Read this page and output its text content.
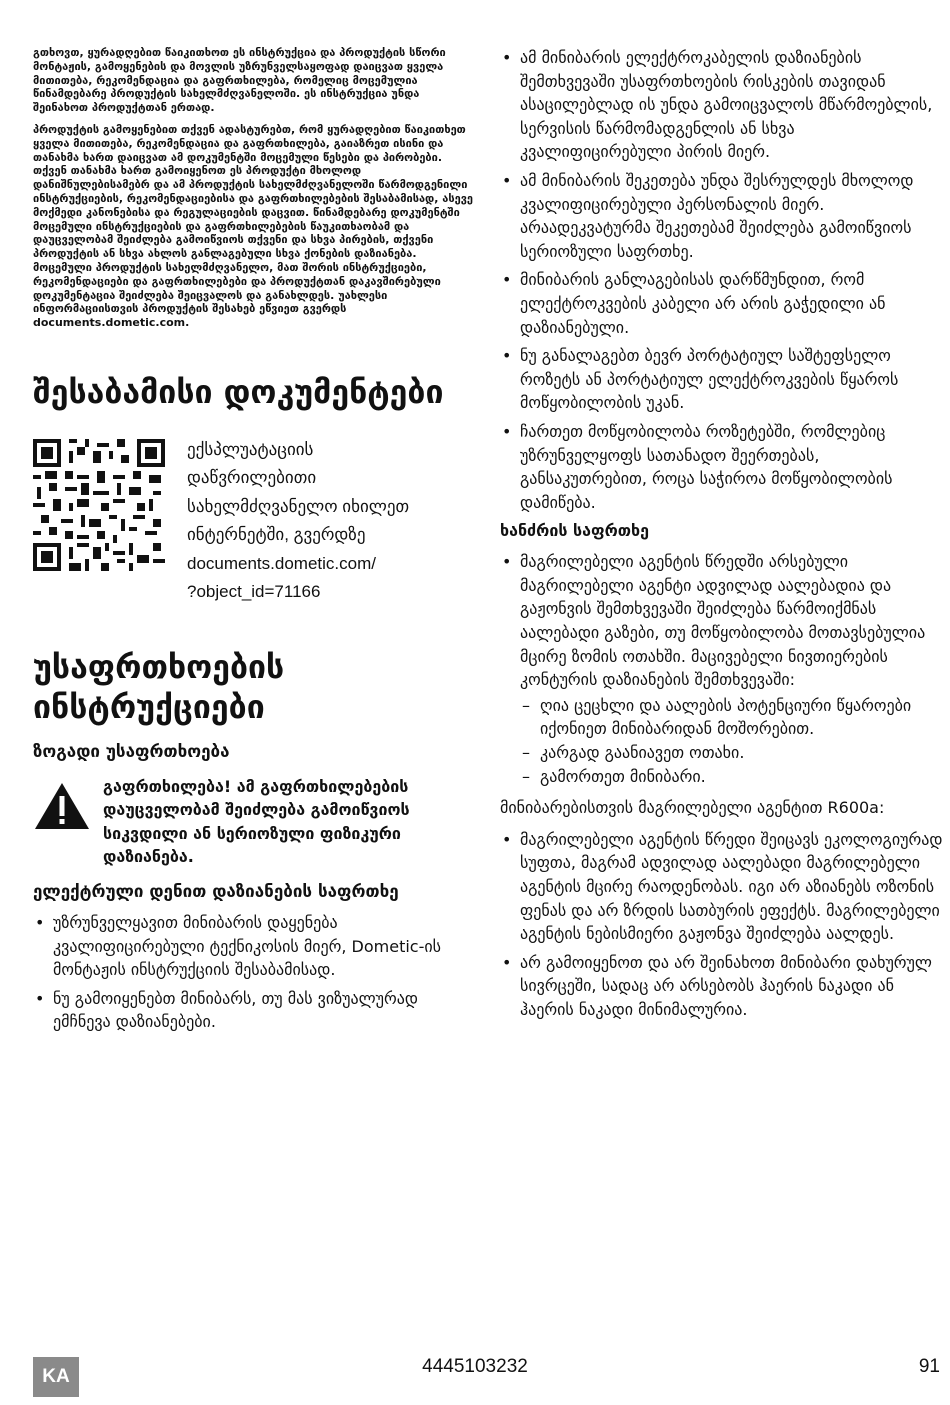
გთხოვთ, ყურადღებით წაიკითხოთ ეს ინსტრუქცია და პროდუქტის სწორი მონტაჟის, გამოყენების და მოვლის უზრუნველსაყოფად დაიცვათ ყველა მითითება, რეკომენდაცია და გაფრთხილება, რომელიც მოცემულია წინამდებარე პროდუქტის სახელმძღვანელოში. ეს ინსტრუქცია უნდა შეინახოთ პროდუქტთან ერთად.

პროდუქტის გამოყენებით თქვენ ადასტურებთ, რომ ყურადღებით წაიკითხეთ ყველა მითითება, რეკომენდაცია და გაფრთხილება, გაიაზრეთ ისინი და თანახმა ხართ დაიცვათ ამ დოკუმენტში მოცემული წესები და პირობები. თქვენ თანახმა ხართ გამოიყენოთ ეს პროდუქტი მხოლოდ დანიშნულებისამებრ და ამ პროდუქტის სახელმძღვანელოში წარმოდგენილი ინსტრუქციების, რეკომენდაციებისა და გაფრთხილებების შესაბამისად, ასევე მოქმედი კანონებისა და რეგულაციების დაცვით. წინამდებარე დოკუმენტში მოცემული ინსტრუქციების და გაფრთხილებების წაუკითხაობამ და დაუცველობამ შეიძლება გამოიწვიოს თქვენი და სხვა პირების, თქვენი პროდუქტის ან სხვა ახლოს განლაგებული სხვა ქონების დაზიანება. მოცემული პროდუქტის სახელმძღვანელო, მათ შორის ინსტრუქციები, რეკომენდაციები და გაფრთხილებები და პროდუქტთან დაკავშირებული დოკუმენტაცია შეიძლება შეიცვალოს და განახლდეს. უახლესი ინფორმაციისთვის პროდუქტის შესახებ ეწვიეთ გვერდს documents.dometic.com.

შესაბამისი დოკუმენტები

ექსპლუატაციის
დაწვრილებითი
სახელმძღვანელო იხილეთ
ინტერნეტში, გვერდზე
documents.dometic.com/
?object_id=71166

უსაფრთხოების
ინსტრუქციები
ზოგადი უსაფრთხოება

გაფრთხილება! ამ გაფრთხილებების დაუცველობამ შეიძლება გამოიწვიოს სიკვდილი ან სერიოზული ფიზიკური დაზიანება.

ელექტრული დენით დაზიანების საფრთხე
• უზრუნველყავით მინიბარის დაყენება კვალიფიცირებული ტექნიკოსის მიერ, Dometic-ის მონტაჟის ინსტრუქციის შესაბამისად.
• ნუ გამოიყენებთ მინიბარს, თუ მას ვიზუალურად ემჩნევა დაზიანებები.
• ამ მინიბარის ელექტროკაბელის დაზიანების შემთხვევაში უსაფრთხოების რისკების თავიდან ასაცილებლად ის უნდა გამოიცვალოს მწარმოებლის, სერვისის წარმომადგენლის ან სხვა კვალიფიცირებული პირის მიერ.
• ამ მინიბარის შეკეთება უნდა შესრულდეს მხოლოდ კვალიფიცირებული პერსონალის მიერ. არაადეკვატურმა შეკეთებამ შეიძლება გამოიწვიოს სერიოზული საფრთხე.
• მინიბარის განლაგებისას დარწმუნდით, რომ ელექტროკვების კაბელი არ არის გაჭედილი ან დაზიანებული.
• ნუ განალაგებთ ბევრ პორტატიულ საშტეფსელო როზეტს ან პორტატიულ ელექტროკვების წყაროს მოწყობილობის უკან.
• ჩართეთ მოწყობილობა როზეტებში, რომლებიც უზრუნველყოფს სათანადო შეერთებას, განსაკუთრებით, როცა საჭიროა მოწყობილობის დამიწება.
ხანძრის საფრთხე
• მაგრილებელი აგენტის წრედში არსებული მაგრილებელი აგენტი ადვილად აალებადია და გაჟონვის შემთხვევაში შეიძლება წარმოიქმნას აალებადი გაზები, თუ მოწყობილობა მოთავსებულია მცირე ზომის ოთახში. მაცივებელი ნივთიერების კონტურის დაზიანების შემთხვევაში:
– ღია ცეცხლი და აალების პოტენციური წყაროები იქონიეთ მინიბარიდან მოშორებით.
– კარგად გაანიავეთ ოთახი.
– გამორთეთ მინიბარი.

მინიბარებისთვის მაგრილებელი აგენტით R600a:

• მაგრილებელი აგენტის წრედი შეიცავს ეკოლოგიურად სუფთა, მაგრამ ადვილად აალებადი მაგრილებელი აგენტის მცირე რაოდენობას. იგი არ აზიანებს ოზონის ფენას და არ ზრდის სათბურის ეფექტს. მაგრილებელი აგენტის ნებისმიერი გაჟონვა შეიძლება აალდეს.
• არ გამოიყენოთ და არ შეინახოთ მინიბარი დახურულ სივრცეში, სადაც არ არსებობს ჰაერის ნაკადი ან ჰაერის ნაკადი მინიმალურია.
KA	4445103232	91
